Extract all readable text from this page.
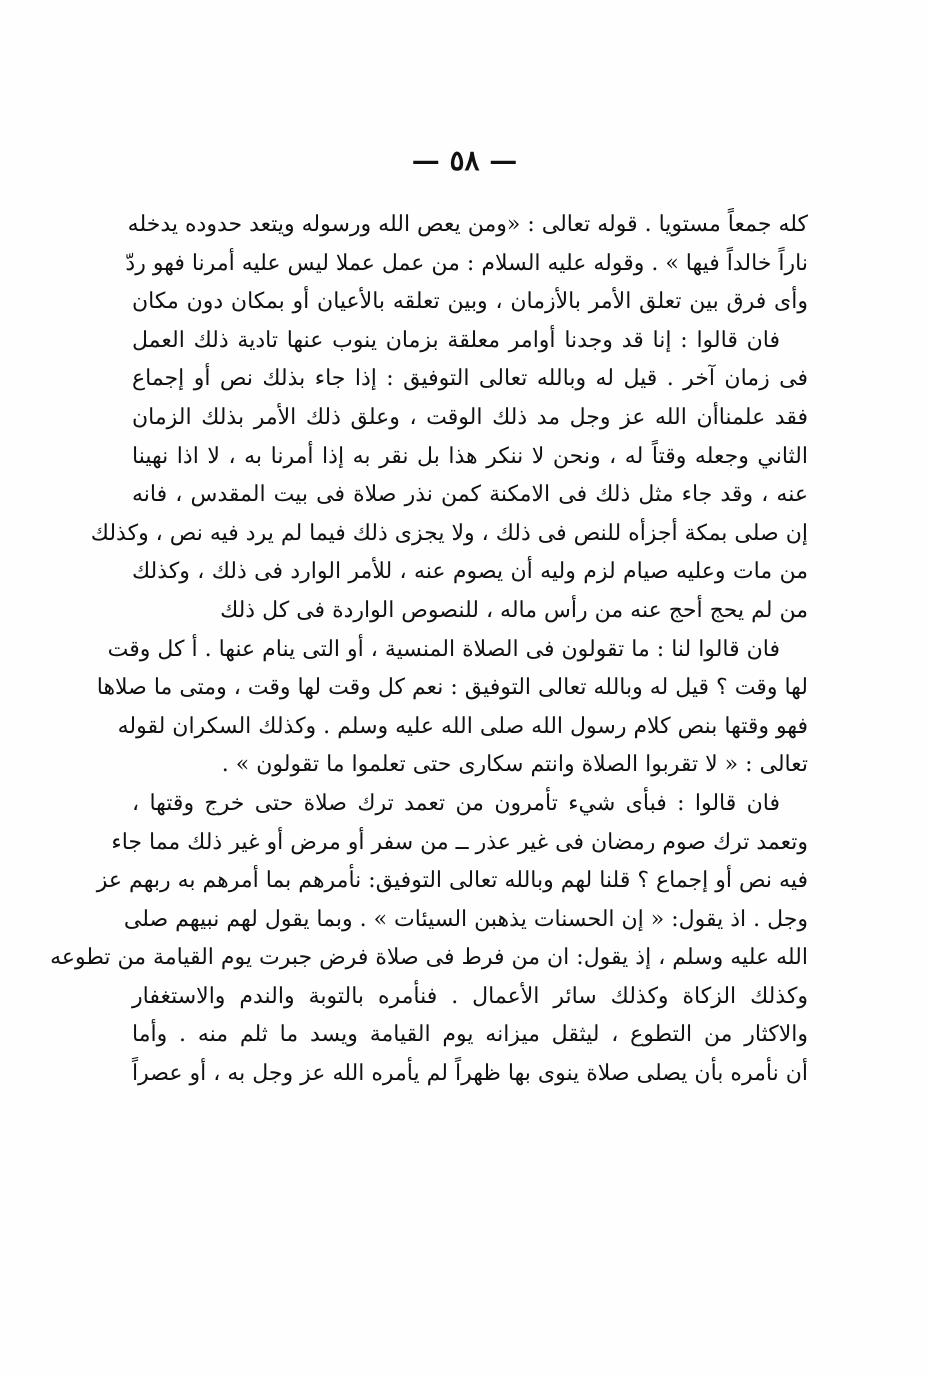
— ٥٨ —
كله جمعاً مستويا . قوله تعالى : «ومن يعص الله ورسوله ويتعد حدوده يدخله
ناراً خالداً فيها » . وقوله عليه السلام : من عمل عملا ليس عليه أمرنا فهو ردّ
وأى فرق بين تعلق الأمر بالأزمان ، وبين تعلقه بالأعيان أو بمكان دون مكان
فان قالوا : إنا قد وجدنا أوامر معلقة بزمان ينوب عنها تادية ذلك العمل
فى زمان آخر . قيل له وبالله تعالى التوفيق : إذا جاء بذلك نص أو إجماع
فقد علمناأن الله عز وجل مد ذلك الوقت ، وعلق ذلك الأمر بذلك الزمان
الثاني وجعله وقتاً له ، ونحن لا ننكر هذا بل نقر به إذا أمرنا به ، لا اذا نهينا
عنه ، وقد جاء مثل ذلك فى الامكنة كمن نذر صلاة فى بيت المقدس ، فانه
إن صلى بمكة أجزأه للنص فى ذلك ، ولا يجزى ذلك فيما لم يرد فيه نص ، وكذلك
من مات وعليه صيام لزم وليه أن يصوم عنه ، للأمر الوارد فى ذلك ، وكذلك
من لم يحج أحج عنه من رأس ماله ، للنصوص الواردة فى كل ذلك
فان قالوا لنا : ما تقولون فى الصلاة المنسية ، أو التى ينام عنها . أ كل وقت
لها وقت ؟ قيل له وبالله تعالى التوفيق : نعم كل وقت لها وقت ، ومتى ما صلاها
فهو وقتها بنص كلام رسول الله صلى الله عليه وسلم . وكذلك السكران لقوله
تعالى : « لا تقربوا الصلاة وانتم سكارى حتى تعلموا ما تقولون » .
فان قالوا : فبأى شيء تأمرون من تعمد ترك صلاة حتى خرج وقتها ،
وتعمد ترك صوم رمضان فى غير عذر ــ من سفر أو مرض أو غير ذلك مما جاء
فيه نص أو إجماع ؟ قلنا لهم وبالله تعالى التوفيق: نأمرهم بما أمرهم به ربهم عز
وجل . اذ يقول: « إن الحسنات يذهبن السيئات » . وبما يقول لهم نبيهم صلى
الله عليه وسلم ، إذ يقول: ان من فرط فى صلاة فرض جبرت يوم القيامة من تطوعه
وكذلك الزكاة وكذلك سائر الأعمال . فنأمره بالتوبة والندم والاستغفار
والاكثار من التطوع ، ليثقل ميزانه يوم القيامة ويسد ما ثلم منه . وأما
أن نأمره بأن يصلى صلاة ينوى بها ظهراً لم يأمره الله عز وجل به ، أو عصراً
